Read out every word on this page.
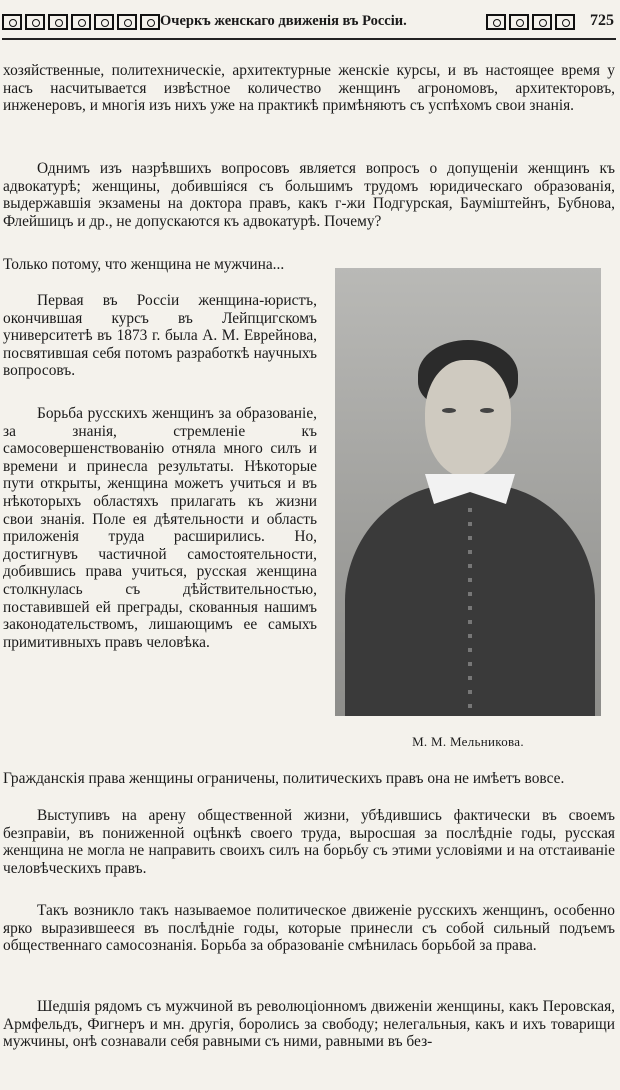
Очеркъ женскаго движенія въ Россіи.	725
хозяйственные, политехническіе, архитектурные женскіе курсы, и въ настоящее время у насъ насчитывается извѣстное количество женщинъ агрономовъ, архитекторовъ, инженеровъ, и многія изъ нихъ уже на практикѣ примѣняютъ съ успѣхомъ свои знанія.
Однимъ изъ назрѣвшихъ вопросовъ является вопросъ о допущеніи женщинъ къ адвокатурѣ; женщины, добившіяся съ большимъ трудомъ юридическаго образованія, выдержавшія экзамены на доктора правъ, какъ г-жи Подгурская, Бауміштейнъ, Бубнова, Флейшицъ и др., не допускаются къ адвокатурѣ. Почему?
Только потому, что женщина не мужчина...
Первая въ Россіи женщина-юристъ, окончившая курсъ въ Лейпцигскомъ университетѣ въ 1873 г. была А. М. Еврейнова, посвятившая себя потомъ разработкѣ научныхъ вопросовъ.
Борьба русскихъ женщинъ за образованіе, за знанія, стремленіе къ самосовершенствованію отняла много силъ и времени и принесла результаты. Нѣкоторые пути открыты, женщина можетъ учиться и въ нѣкоторыхъ областяхъ прилагать къ жизни свои знанія. Поле ея дѣятельности и область приложенія труда расширились. Но, достигнувъ частичной самостоятельности, добившись права учиться, русская женщина столкнулась съ дѣйствительностью, поставившей ей преграды, скованныя нашимъ законодательствомъ, лишающимъ ее самыхъ примитивныхъ правъ человѣка.
Гражданскія права женщины ограничены, политическихъ правъ она не имѣетъ вовсе.
Выступивъ на арену общественной жизни, убѣдившись фактически въ своемъ безправіи, въ пониженной оцѣнкѣ своего труда, выросшая за послѣдніе годы, русская женщина не могла не направить своихъ силъ на борьбу съ этими условіями и на отстаиваніе человѣческихъ правъ.
Такъ возникло такъ называемое политическое движеніе русскихъ женщинъ, особенно ярко выразившееся въ послѣдніе годы, которые принесли съ собой сильный подъемъ общественнаго самосознанія. Борьба за образованіе смѣнилась борьбой за права.
Шедшія рядомъ съ мужчиной въ революціонномъ движеніи женщины, какъ Перовская, Армфельдъ, Фигнеръ и мн. другія, боролись за свободу; нелегальныя, какъ и ихъ товарищи мужчины, онѣ сознавали себя равными съ ними, равными въ без-
М. М. Мельникова.
